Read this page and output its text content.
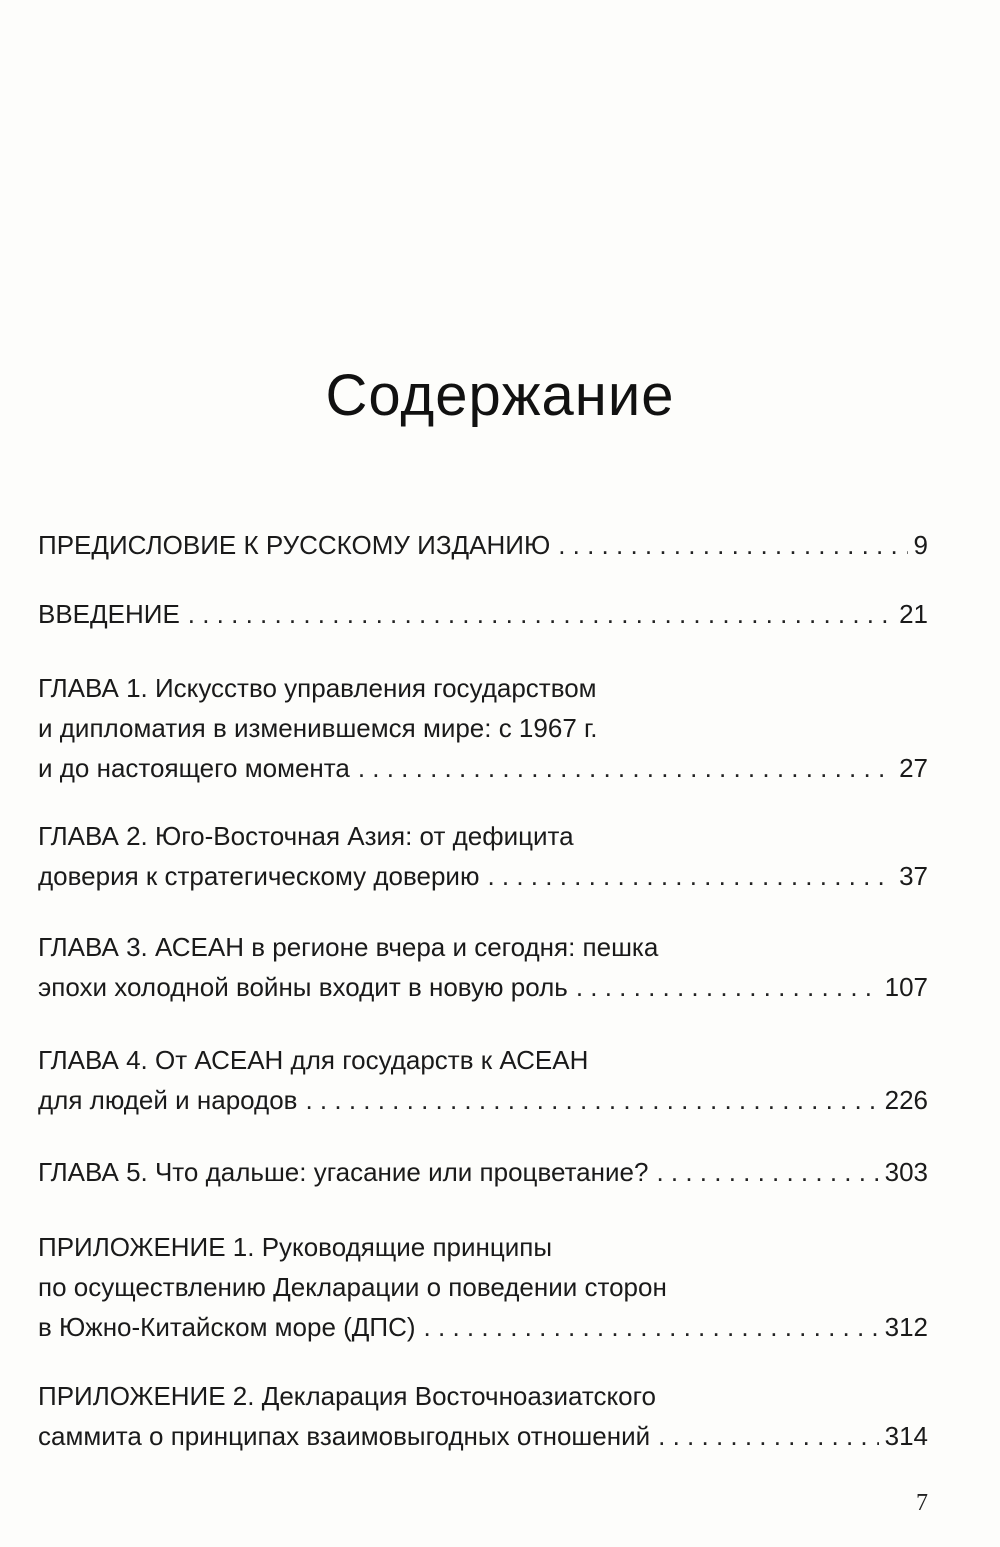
Содержание
ПРЕДИСЛОВИЕ К РУССКОМУ ИЗДАНИЮ . . .	9
ВВЕДЕНИЕ . . .	21
ГЛАВА 1. Искусство управления государством
и дипломатия в изменившемся мире: с 1967 г.
и до настоящего момента . . .	27
ГЛАВА 2. Юго-Восточная Азия: от дефицита
доверия к стратегическому доверию . . .	37
ГЛАВА 3. АСЕАН в регионе вчера и сегодня: пешка
эпохи холодной войны входит в новую роль . . .	107
ГЛАВА 4. От АСЕАН для государств к АСЕАН
для людей и народов . . .	226
ГЛАВА 5. Что дальше: угасание или процветание? . . .	303
ПРИЛОЖЕНИЕ 1. Руководящие принципы
по осуществлению Декларации о поведении сторон
в Южно-Китайском море (ДПС) . . .	312
ПРИЛОЖЕНИЕ 2. Декларация Восточноазиатского
саммита о принципах взаимовыгодных отношений . . .	314
7
